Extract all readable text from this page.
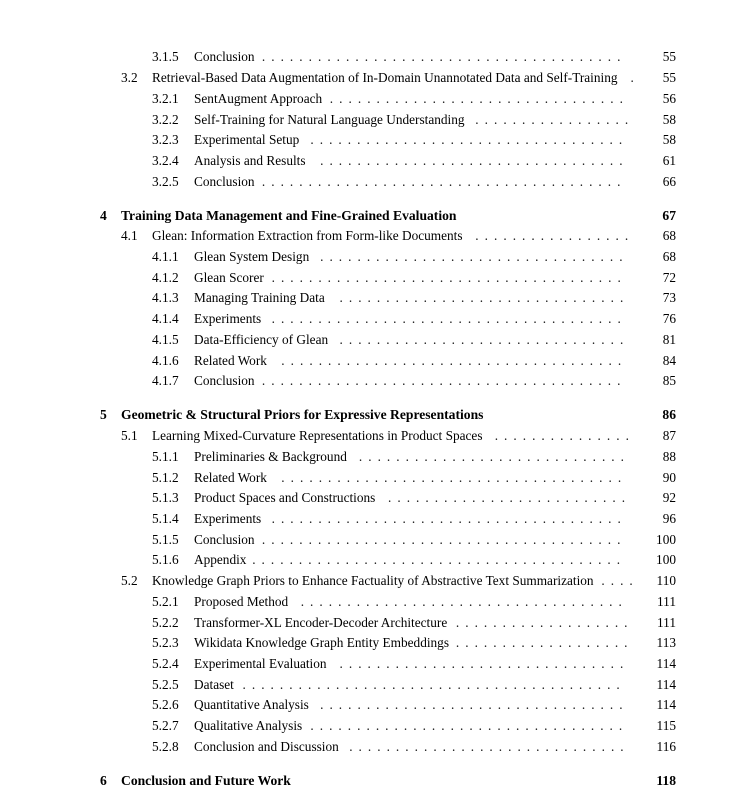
3.1.5 Conclusion	55
. . . . . . . . . . . . . . . . . . . . . . . . . . . . . . . . . . . . . . .
3.2 Retrieval-Based Data Augmentation of In-Domain Unannotated Data and Self-Training	55
.
3.2.1 SentAugment Approach	56
. . . . . . . . . . . . . . . . . . . . . . . . . . . . . . . .
3.2.2 Self-Training for Natural Language Understanding	58
. . . . . . . . . . . . . . . . .
3.2.3 Experimental Setup	58
. . . . . . . . . . . . . . . . . . . . . . . . . . . . . . . . . .
3.2.4 Analysis and Results	61
. . . . . . . . . . . . . . . . . . . . . . . . . . . . . . . . .
3.2.5 Conclusion	66
. . . . . . . . . . . . . . . . . . . . . . . . . . . . . . . . . . . . . . .
4 Training Data Management and Fine-Grained Evaluation	67
4.1 Glean: Information Extraction from Form-like Documents	68
. . . . . . . . . . . . . . . . .
4.1.1 Glean System Design	68
. . . . . . . . . . . . . . . . . . . . . . . . . . . . . . . . .
4.1.2 Glean Scorer	72
. . . . . . . . . . . . . . . . . . . . . . . . . . . . . . . . . . . . . .
4.1.3 Managing Training Data	73
. . . . . . . . . . . . . . . . . . . . . . . . . . . . . . .
4.1.4 Experiments	76
. . . . . . . . . . . . . . . . . . . . . . . . . . . . . . . . . . . . . .
4.1.5 Data-Efficiency of Glean	81
. . . . . . . . . . . . . . . . . . . . . . . . . . . . . . .
4.1.6 Related Work	84
. . . . . . . . . . . . . . . . . . . . . . . . . . . . . . . . . . . . .
4.1.7 Conclusion	85
. . . . . . . . . . . . . . . . . . . . . . . . . . . . . . . . . . . . . . .
5 Geometric & Structural Priors for Expressive Representations	86
5.1 Learning Mixed-Curvature Representations in Product Spaces	87
. . . . . . . . . . . . . . .
5.1.1 Preliminaries & Background	88
. . . . . . . . . . . . . . . . . . . . . . . . . . . . .
5.1.2 Related Work	90
. . . . . . . . . . . . . . . . . . . . . . . . . . . . . . . . . . . . .
5.1.3 Product Spaces and Constructions	92
. . . . . . . . . . . . . . . . . . . . . . . . . .
5.1.4 Experiments	96
. . . . . . . . . . . . . . . . . . . . . . . . . . . . . . . . . . . . . .
5.1.5 Conclusion	100
. . . . . . . . . . . . . . . . . . . . . . . . . . . . . . . . . . . . . . .
5.1.6 Appendix	100
. . . . . . . . . . . . . . . . . . . . . . . . . . . . . . . . . . . . . . . .
5.2 Knowledge Graph Priors to Enhance Factuality of Abstractive Text Summarization	110
. . . .
5.2.1 Proposed Method	111
. . . . . . . . . . . . . . . . . . . . . . . . . . . . . . . . . . .
5.2.2 Transformer-XL Encoder-Decoder Architecture	111
. . . . . . . . . . . . . . . . . . .
5.2.3 Wikidata Knowledge Graph Entity Embeddings	113
. . . . . . . . . . . . . . . . . . .
5.2.4 Experimental Evaluation	114
. . . . . . . . . . . . . . . . . . . . . . . . . . . . . . .
5.2.5 Dataset	114
. . . . . . . . . . . . . . . . . . . . . . . . . . . . . . . . . . . . . . . . .
5.2.6 Quantitative Analysis	114
. . . . . . . . . . . . . . . . . . . . . . . . . . . . . . . . .
5.2.7 Qualitative Analysis	115
. . . . . . . . . . . . . . . . . . . . . . . . . . . . . . . . . .
5.2.8 Conclusion and Discussion	116
. . . . . . . . . . . . . . . . . . . . . . . . . . . . . .
6 Conclusion and Future Work	118
